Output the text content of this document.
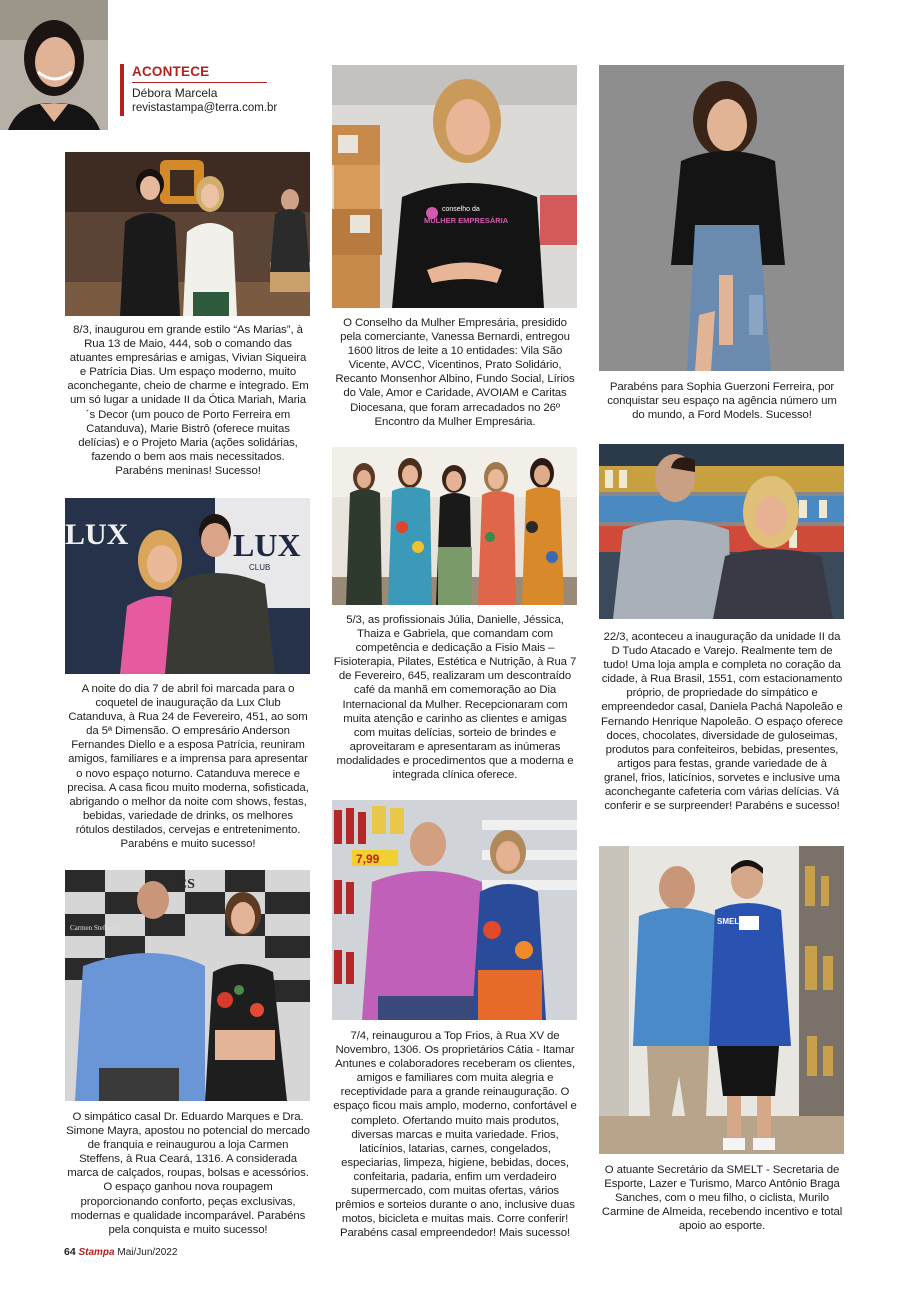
ACONTECE
Débora Marcela
revistastampa@terra.com.br
8/3, inaugurou em grande estilo “As Marias”, à Rua 13 de Maio, 444, sob o comando das atuantes empresárias e amigas, Vivian Siqueira e Patrícia Dias. Um espaço moderno, muito aconchegante, cheio de charme e integrado. Em um só lugar a unidade II da Ótica Mariah, Maria´s Decor (um pouco de Porto Ferreira em Catanduva), Marie Bistrô (oferece muitas delícias) e o Projeto Maria (ações solidárias, fazendo o bem aos mais necessitados. Parabéns meninas! Sucesso!
LUX	LUX
CLUB
A noite do dia 7 de abril foi marcada para o coquetel de inauguração da Lux Club Catanduva, à Rua 24 de Fevereiro, 451, ao som da 5ª Dimensão. O empresário Anderson Fernandes Diello e a esposa Patrícia, reuniram amigos, familiares e a imprensa para apresentar o novo espaço noturno. Catanduva merece e precisa. A casa ficou muito moderna, sofisticada, abrigando o melhor da noite com shows, festas, bebidas, variedade de drinks, os melhores rótulos destilados, cervejas e entretenimento. Parabéns e muito sucesso!
CS
Carmen Steffens
O simpático casal Dr. Eduardo Marques e Dra. Simone Mayra, apostou no potencial do mercado de franquia e reinaugurou a loja Carmen Steffens, à Rua Ceará, 1316. A considerada marca de calçados, roupas, bolsas e acessórios. O espaço ganhou nova roupagem proporcionando conforto, peças exclusivas, modernas e qualidade incomparável. Parabéns pela conquista e muito sucesso!
conselho da
MULHER EMPRESÁRIA
O Conselho da Mulher Empresária, presidido pela comerciante, Vanessa Bernardi, entregou 1600 litros de leite a 10 entidades: Vila São Vicente, AVCC, Vicentinos, Prato Solidário, Recanto Monsenhor Albino, Fundo Social, Lírios do Vale, Amor e Caridade, AVOIAM e Caritas Diocesana, que foram arrecadados no 26º Encontro da Mulher Empresária.
5/3, as profissionais Júlia, Danielle, Jéssica, Thaiza e Gabriela, que comandam com competência e dedicação a Fisio Mais – Fisioterapia, Pilates, Estética e Nutrição, à Rua 7 de Fevereiro, 645, realizaram um descontraído café da manhã em comemoração ao Dia Internacional da Mulher. Recepcionaram com muita atenção e carinho as clientes e amigas com muitas delícias, sorteio de brindes e aproveitaram e apresentaram as inúmeras modalidades e procedimentos que a moderna e integrada clínica oferece.
7,99
7/4, reinaugurou a Top Frios, à Rua XV de Novembro, 1306. Os proprietários Cátia - Itamar Antunes e colaboradores receberam os clientes, amigos e familiares com muita alegria e receptividade para a grande reinauguração. O espaço ficou mais amplo, moderno, confortável e completo. Ofertando muito mais produtos, diversas marcas e muita variedade. Frios, laticínios, latarias, carnes, congelados, especiarias, limpeza, higiene, bebidas, doces, confeitaria, padaria, enfim um verdadeiro supermercado, com muitas ofertas, vários prêmios e sorteios durante o ano, inclusive duas motos, bicicleta e muitas mais. Corre conferir! Parabéns casal empreendedor! Mais sucesso!
Parabéns para Sophia Guerzoni Ferreira, por conquistar seu espaço na agência número um do mundo, a Ford Models. Sucesso!
22/3, aconteceu a inauguração da unidade II da D Tudo Atacado e Varejo. Realmente tem de tudo! Uma loja ampla e completa no coração da cidade, à Rua Brasil, 1551, com estacionamento próprio, de propriedade do simpático e empreendedor casal, Daniela Pachá Napoleão e Fernando Henrique Napoleão. O espaço oferece doces, chocolates, diversidade de guloseimas, produtos para confeiteiros, bebidas, presentes, artigos para festas, grande variedade de à granel, frios, laticínios, sorvetes e inclusive uma aconchegante cafeteria com várias delícias. Vá conferir e se surpreender! Parabéns e sucesso!
SMELT
O atuante Secretário da SMELT - Secretaria de Esporte, Lazer e Turismo, Marco Antônio Braga Sanches, com o meu filho, o ciclista, Murilo Carmine de Almeida, recebendo incentivo e total apoio ao esporte.
64 Stampa Mai/Jun/2022
